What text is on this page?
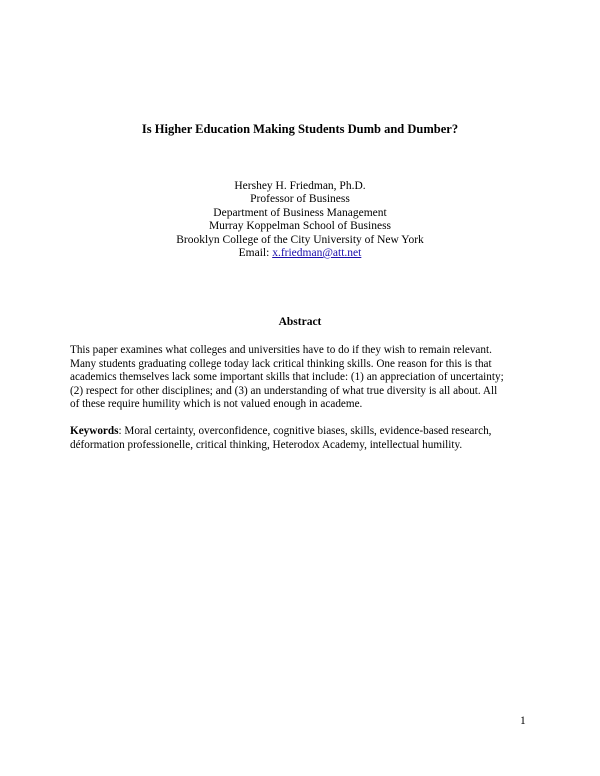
Is Higher Education Making Students Dumb and Dumber?
Hershey H. Friedman, Ph.D.
Professor of Business
Department of Business Management
Murray Koppelman School of Business
Brooklyn College of the City University of New York
Email: x.friedman@att.net
Abstract
This paper examines what colleges and universities have to do if they wish to remain relevant.
Many students graduating college today lack critical thinking skills. One reason for this is that
academics themselves lack some important skills that include: (1) an appreciation of uncertainty;
(2) respect for other disciplines; and (3) an understanding of what true diversity is all about. All
of these require humility which is not valued enough in academe.
Keywords: Moral certainty, overconfidence, cognitive biases, skills, evidence-based research,
déformation professionelle, critical thinking, Heterodox Academy, intellectual humility.
1
